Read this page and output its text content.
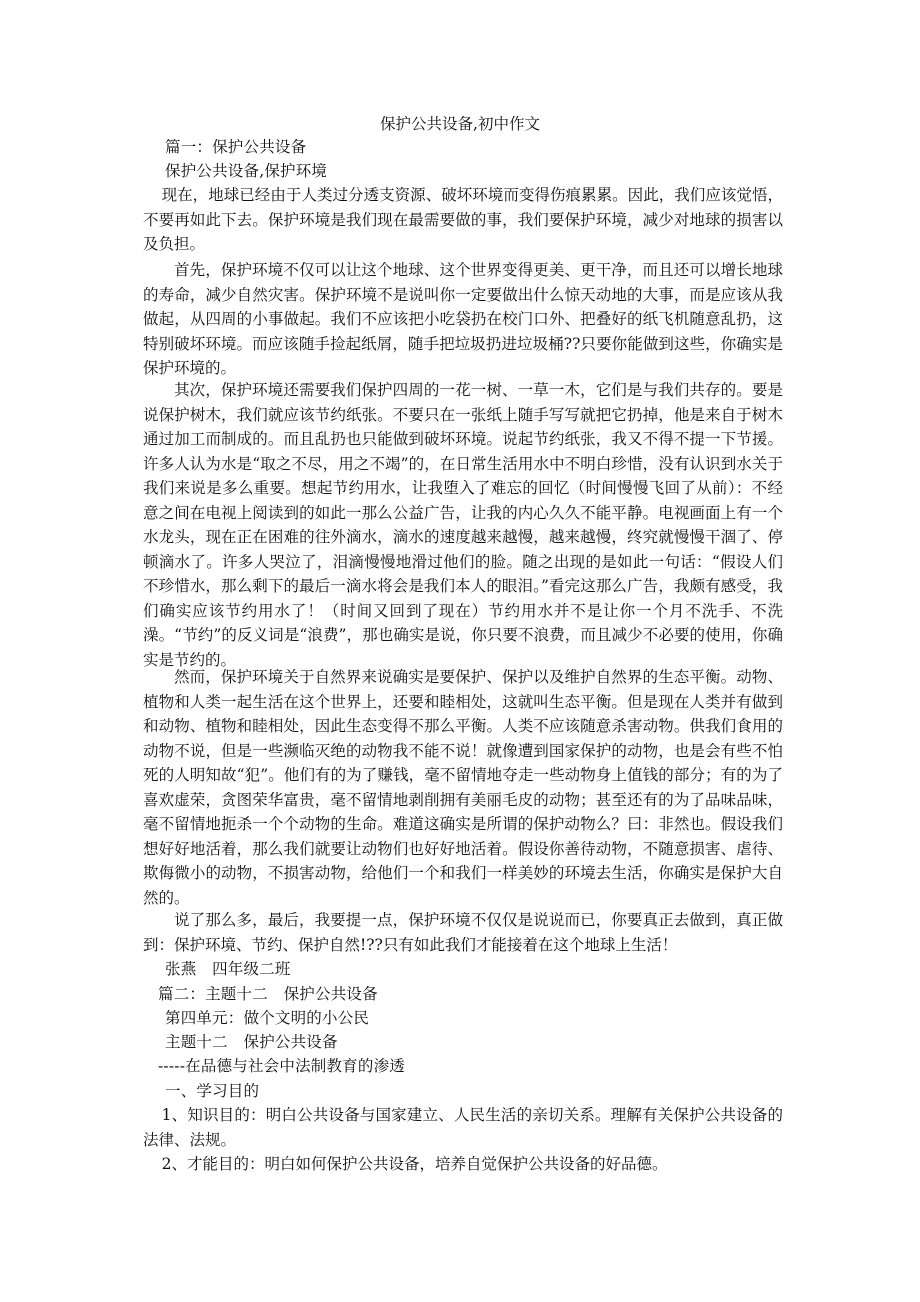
保护公共设备,初中作文
篇一：保护公共设备
保护公共设备,保护环境

现在，地球已经由于人类过分透支资源、破坏环境而变得伤痕累累。因此，我们应该觉悟，不要再如此下去。保护环境是我们现在最需要做的事，我们要保护环境，减少对地球的损害以及负担。

首先，保护环境不仅可以让这个地球、这个世界变得更美、更干净，而且还可以增长地球的寿命，减少自然灾害。保护环境不是说叫你一定要做出什么惊天动地的大事，而是应该从我做起，从四周的小事做起。我们不应该把小吃袋扔在校门口外、把叠好的纸飞机随意乱扔，这特别破坏环境。而应该随手捡起纸屑，随手把垃圾扔进垃圾桶??只要你能做到这些，你确实是保护环境的。

其次，保护环境还需要我们保护四周的一花一树、一草一木，它们是与我们共存的。要是说保护树木，我们就应该节约纸张。不要只在一张纸上随手写写就把它扔掉，他是来自于树木通过加工而制成的。而且乱扔也只能做到破坏环境。说起节约纸张，我又不得不提一下节援。许多人认为水是“取之不尽，用之不竭”的，在日常生活用水中不明白珍惜，没有认识到水关于我们来说是多么重要。想起节约用水，让我堕入了难忘的回忆（时间慢慢飞回了从前）：不经意之间在电视上阅读到的如此一那么公益广告，让我的内心久久不能平静。电视画面上有一个水龙头，现在正在困难的往外滴水，滴水的速度越来越慢，越来越慢，终究就慢慢干涸了、停顿滴水了。许多人哭泣了，泪滴慢慢地滑过他们的脸。随之出现的是如此一句话：“假设人们不珍惜水，那么剩下的最后一滴水将会是我们本人的眼泪。”看完这那么广告，我颇有感受，我们确实应该节约用水了！（时间又回到了现在）节约用水并不是让你一个月不洗手、不洗澡。“节约”的反义词是“浪费”，那也确实是说，你只要不浪费，而且减少不必要的使用，你确实是节约的。

然而，保护环境关于自然界来说确实是要保护、保护以及维护自然界的生态平衡。动物、植物和人类一起生活在这个世界上，还要和睦相处，这就叫生态平衡。但是现在人类并有做到和动物、植物和睦相处，因此生态变得不那么平衡。人类不应该随意杀害动物。供我们食用的动物不说，但是一些濒临灭绝的动物我不能不说！就像遭到国家保护的动物，也是会有些不怕死的人明知故“犯”。他们有的为了赚钱，毫不留情地夺走一些动物身上值钱的部分；有的为了喜欢虚荣，贪图荣华富贵，毫不留情地剥削拥有美丽毛皮的动物；甚至还有的为了品味品味，毫不留情地扼杀一个个动物的生命。难道这确实是所谓的保护动物么？曰：非然也。假设我们想好好地活着，那么我们就要让动物们也好好地活着。假设你善待动物，不随意损害、虐待、欺侮微小的动物，不损害动物，给他们一个和我们一样美妙的环境去生活，你确实是保护大自然的。

说了那么多，最后，我要提一点，保护环境不仅仅是说说而已，你要真正去做到，真正做到：保护环境、节约、保护自然!??只有如此我们才能接着在这个地球上生活！

张燕　四年级二班
篇二：主题十二　保护公共设备
第四单元：做个文明的小公民
主题十二　保护公共设备
-----在品德与社会中法制教育的渗透
一、学习目的

1、知识目的：明白公共设备与国家建立、人民生活的亲切关系。理解有关保护公共设备的法律、法规。

2、才能目的：明白如何保护公共设备，培养自觉保护公共设备的好品德。
